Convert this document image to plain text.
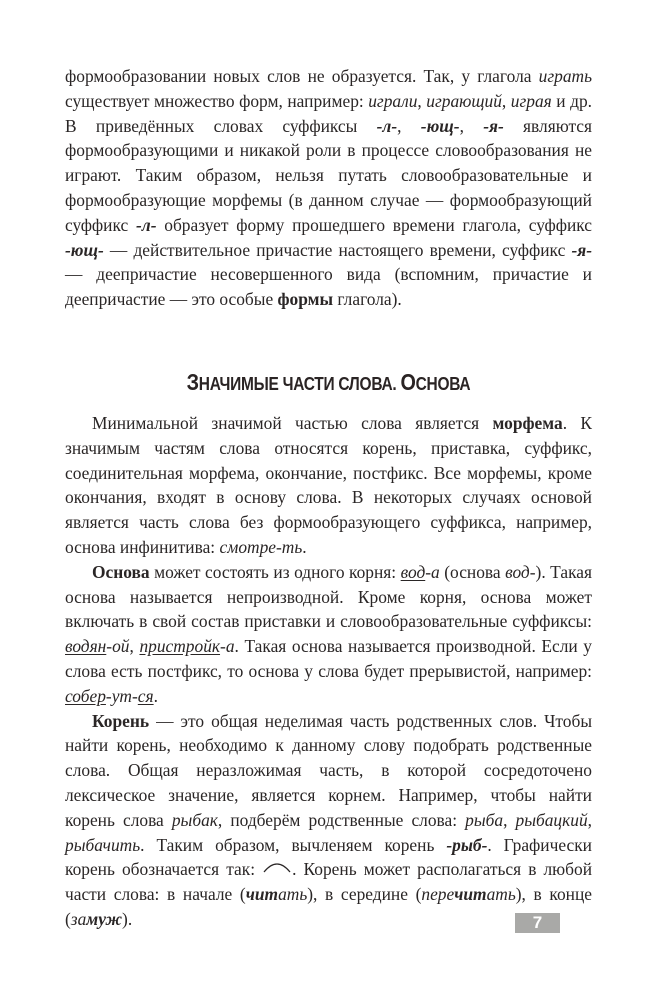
формообразовании новых слов не образуется. Так, у глагола играть существует множество форм, например: играли, играющий, играя и др. В приведённых словах суффиксы -л-, -ющ-, -я- являются формообразующими и никакой роли в процессе словообразования не играют. Таким образом, нельзя путать словообразовательные и формообразующие морфемы (в данном случае — формообразующий суффикс -л- образует форму прошедшего времени глагола, суффикс -ющ- — действительное причастие настоящего времени, суффикс -я- — деепричастие несовершенного вида (вспомним, причастие и деепричастие — это особые формы глагола).

ЗНАЧИМЫЕ ЧАСТИ СЛОВА. ОСНОВА

Минимальной значимой частью слова является морфема. К значимым частям слова относятся корень, приставка, суффикс, соединительная морфема, окончание, постфикс. Все морфемы, кроме окончания, входят в основу слова. В некоторых случаях основой является часть слова без формообразующего суффикса, например, основа инфинитива: смотре-ть.

Основа может состоять из одного корня: вод-а (основа вод-). Такая основа называется непроизводной. Кроме корня, основа может включать в свой состав приставки и словообразовательные суффиксы: водян-ой, пристройк-а. Такая основа называется производной. Если у слова есть постфикс, то основа у слова будет прерывистой, например: собер-ут-ся.

Корень — это общая неделимая часть родственных слов. Чтобы найти корень, необходимо к данному слову подобрать родственные слова. Общая неразложимая часть, в которой сосредоточено лексическое значение, является корнем. Например, чтобы найти корень слова рыбак, подберём родственные слова: рыба, рыбацкий, рыбачить. Таким образом, вычленяем корень -рыб-. Графически корень обозначается так: . Корень может располагаться в любой части слова: в начале (читать), в середине (перечитать), в конце (замуж).	7
